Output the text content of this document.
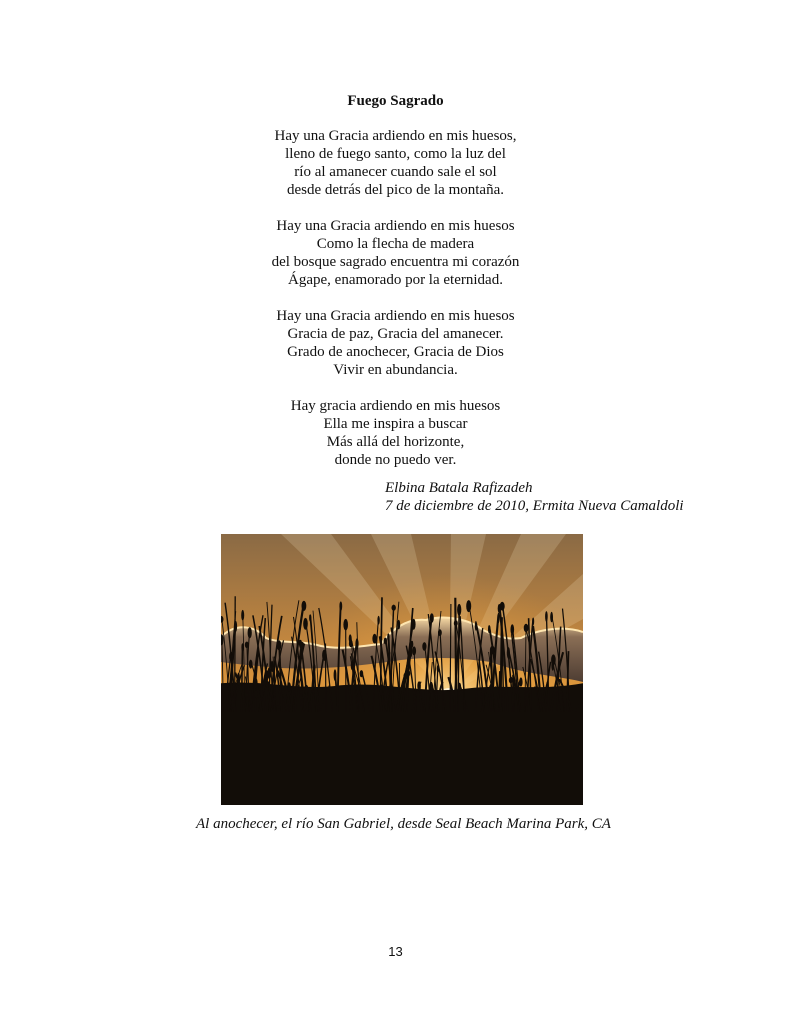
Fuego Sagrado
Hay una Gracia ardiendo en mis huesos,
lleno de fuego santo, como la luz del
río al amanecer cuando sale el sol
desde detrás del pico de la montaña.
Hay una Gracia ardiendo en mis huesos
Como la flecha de madera
del bosque sagrado encuentra mi corazón
Ágape, enamorado por la eternidad.
Hay una Gracia ardiendo en mis huesos
Gracia de paz, Gracia del amanecer.
Grado de anochecer, Gracia de Dios
Vivir en abundancia.
Hay gracia ardiendo en mis huesos
Ella me inspira a buscar
Más allá del horizonte,
donde no puedo ver.
Elbina Batala Rafizadeh
7 de diciembre de 2010, Ermita Nueva Camaldoli
Al anochecer, el río San Gabriel, desde Seal Beach Marina Park, CA
13
